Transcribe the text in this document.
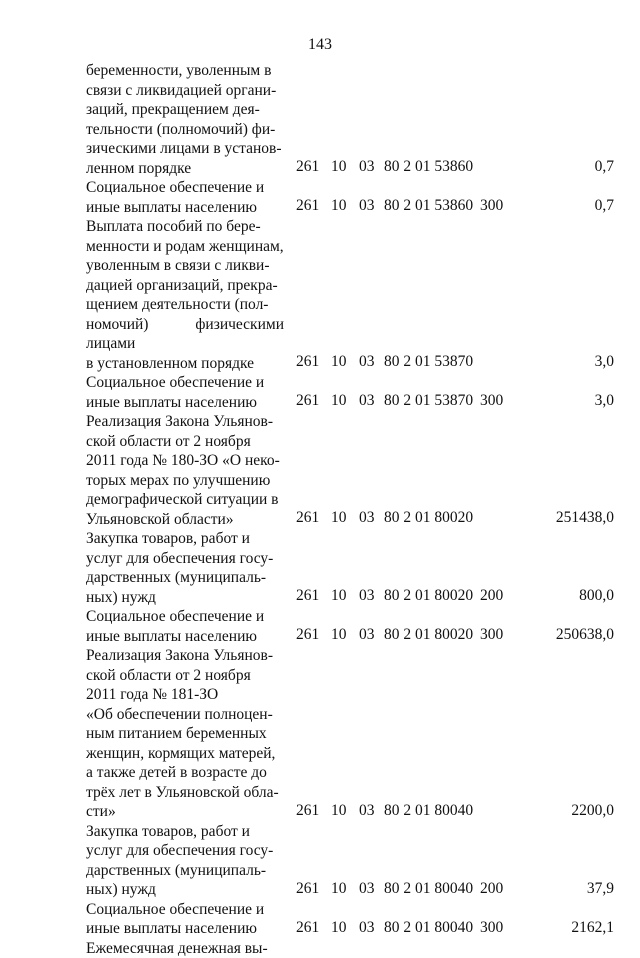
143
беременности, уволенным в
связи с ликвидацией органи-
заций, прекращением дея-
тельности (полномочий) фи-
зическими лицами в установ-
ленном порядке	261 10 03 80 2 01 53860	0,7
Социальное обеспечение и
иные выплаты населению	261 10 03 80 2 01 53860 300	0,7
Выплата пособий по бере-
менности и родам женщинам,
уволенным в связи с ликви-
дацией организаций, прекра-
щением деятельности (пол-
номочий) физическими лицами
в установленном порядке	261 10 03 80 2 01 53870	3,0
Социальное обеспечение и
иные выплаты населению	261 10 03 80 2 01 53870 300	3,0
Реализация Закона Ульянов-
ской области от 2 ноября
2011 года № 180-ЗО «О неко-
торых мерах по улучшению
демографической ситуации в
Ульяновской области»	261 10 03 80 2 01 80020	251438,0
Закупка товаров, работ и
услуг для обеспечения госу-
дарственных (муниципаль-
ных) нужд	261 10 03 80 2 01 80020 200	800,0
Социальное обеспечение и
иные выплаты населению	261 10 03 80 2 01 80020 300	250638,0
Реализация Закона Ульянов-
ской области от 2 ноября
2011 года № 181-ЗО
«Об обеспечении полноцен-
ным питанием беременных
женщин, кормящих матерей,
а также детей в возрасте до
трёх лет в Ульяновской обла-
сти»	261 10 03 80 2 01 80040	2200,0
Закупка товаров, работ и
услуг для обеспечения госу-
дарственных (муниципаль-
ных) нужд	261 10 03 80 2 01 80040 200	37,9
Социальное обеспечение и
иные выплаты населению	261 10 03 80 2 01 80040 300	2162,1
Ежемесячная денежная вы-
